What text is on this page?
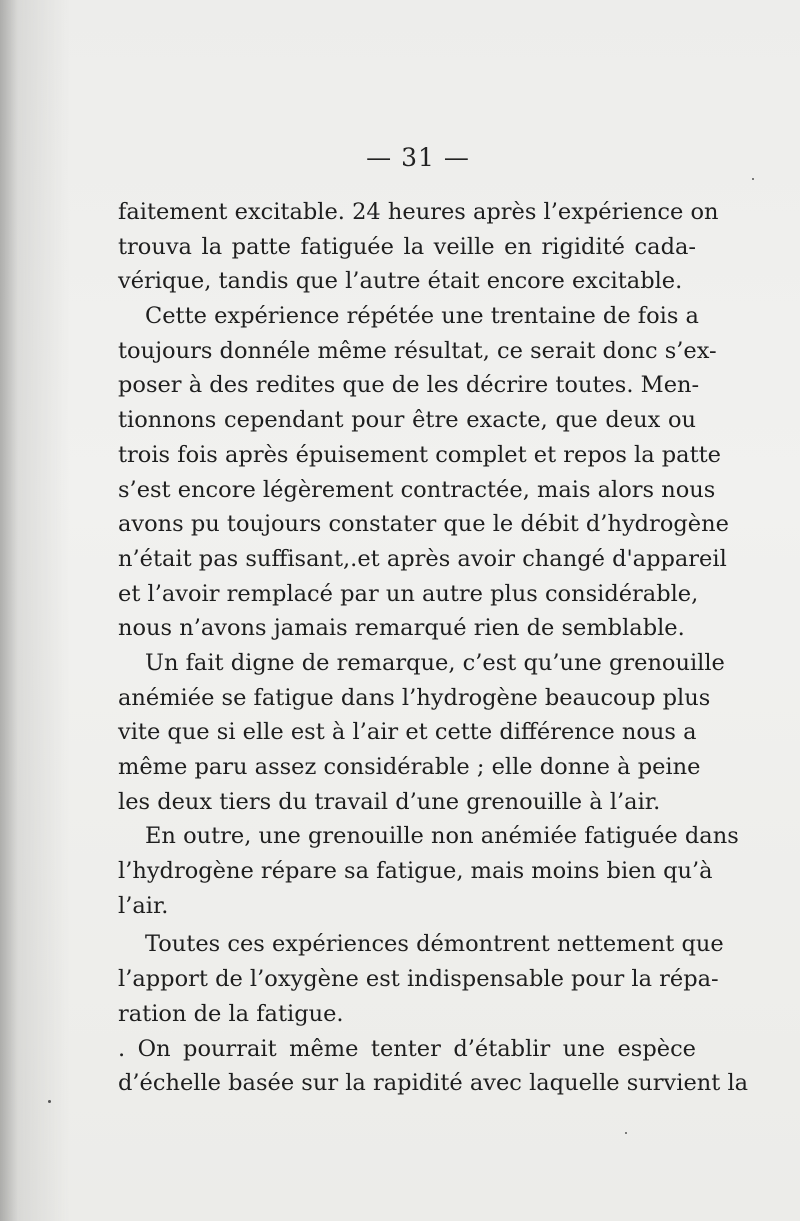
— 31 —
faitement excitable. 24 heures après l’expérience on
trouva la patte fatiguée la veille en rigidité cada-
vérique, tandis que l’autre était encore excitable.
Cette expérience répétée une trentaine de fois a
toujours donnéle même résultat, ce serait donc s’ex-
poser à des redites que de les décrire toutes. Men-
tionnons cependant pour être exacte, que deux ou
trois fois après épuisement complet et repos la patte
s’est encore légèrement contractée, mais alors nous
avons pu toujours constater que le débit d’hydrogène
n’était pas suffisant,.et après avoir changé d'appareil
et l’avoir remplacé par un autre plus considérable,
nous n’avons jamais remarqué rien de semblable.
Un fait digne de remarque, c’est qu’une grenouille
anémiée se fatigue dans l’hydrogène beaucoup plus
vite que si elle est à l’air et cette différence nous a
même paru assez considérable ; elle donne à peine
les deux tiers du travail d’une grenouille à l’air.
En outre, une grenouille non anémiée fatiguée dans
l’hydrogène répare sa fatigue, mais moins bien qu’à
l’air.
Toutes ces expériences démontrent nettement que
l’apport de l’oxygène est indispensable pour la répa-
ration de la fatigue.
. On pourrait même tenter d’établir une espèce
d’échelle basée sur la rapidité avec laquelle survient la
